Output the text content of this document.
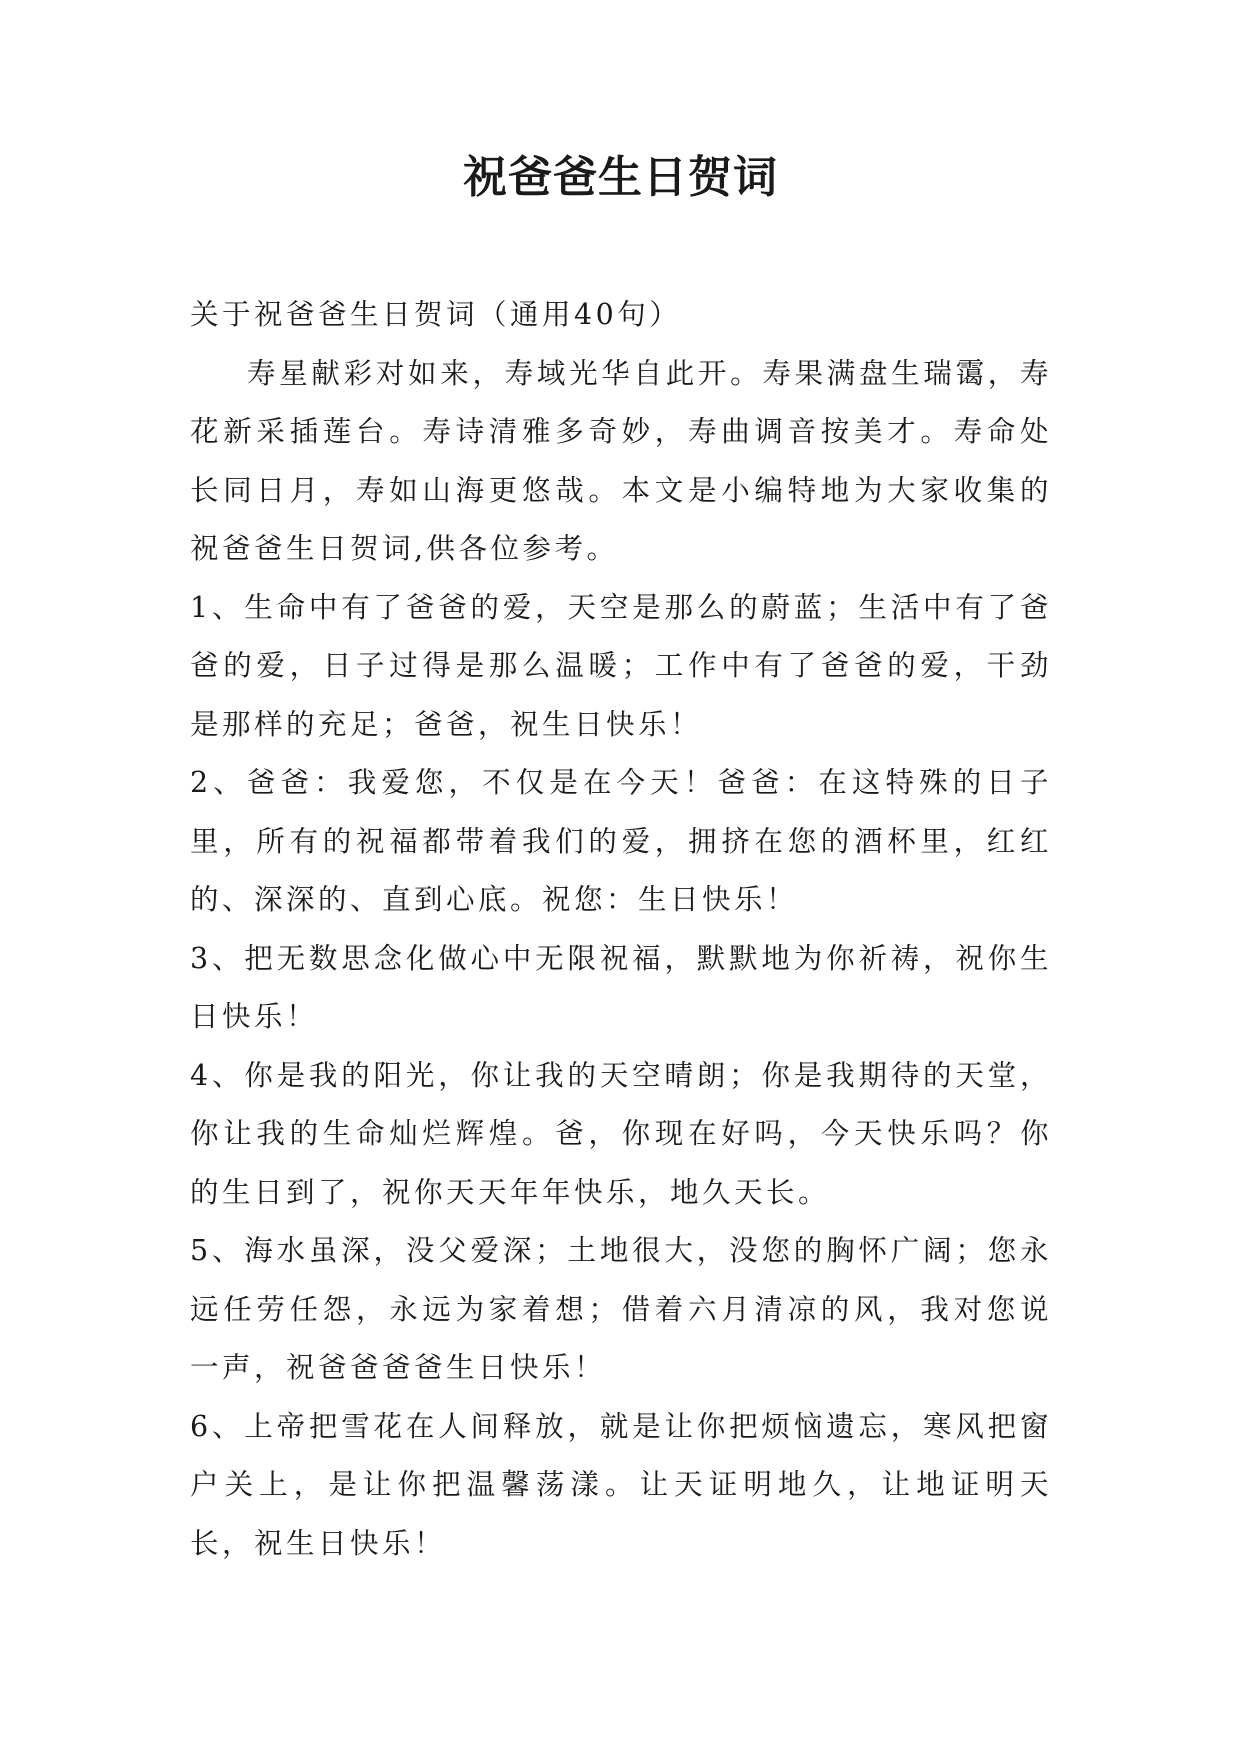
祝爸爸生日贺词

关于祝爸爸生日贺词（通用40句）

寿星献彩对如来，寿域光华自此开。寿果满盘生瑞霭，寿花新采插莲台。寿诗清雅多奇妙，寿曲调音按美才。寿命处长同日月，寿如山海更悠哉。本文是小编特地为大家收集的祝爸爸生日贺词,供各位参考。

1、生命中有了爸爸的爱，天空是那么的蔚蓝；生活中有了爸爸的爱，日子过得是那么温暖；工作中有了爸爸的爱，干劲是那样的充足；爸爸，祝生日快乐！

2、爸爸：我爱您，不仅是在今天！爸爸：在这特殊的日子里，所有的祝福都带着我们的爱，拥挤在您的酒杯里，红红的、深深的、直到心底。祝您：生日快乐！

3、把无数思念化做心中无限祝福，默默地为你祈祷，祝你生日快乐！

4、你是我的阳光，你让我的天空晴朗；你是我期待的天堂，你让我的生命灿烂辉煌。爸，你现在好吗，今天快乐吗？你的生日到了，祝你天天年年快乐，地久天长。

5、海水虽深，没父爱深；土地很大，没您的胸怀广阔；您永远任劳任怨，永远为家着想；借着六月清凉的风，我对您说一声，祝爸爸爸爸生日快乐！

6、上帝把雪花在人间释放，就是让你把烦恼遗忘，寒风把窗户关上，是让你把温馨荡漾。让天证明地久，让地证明天长，祝生日快乐！
